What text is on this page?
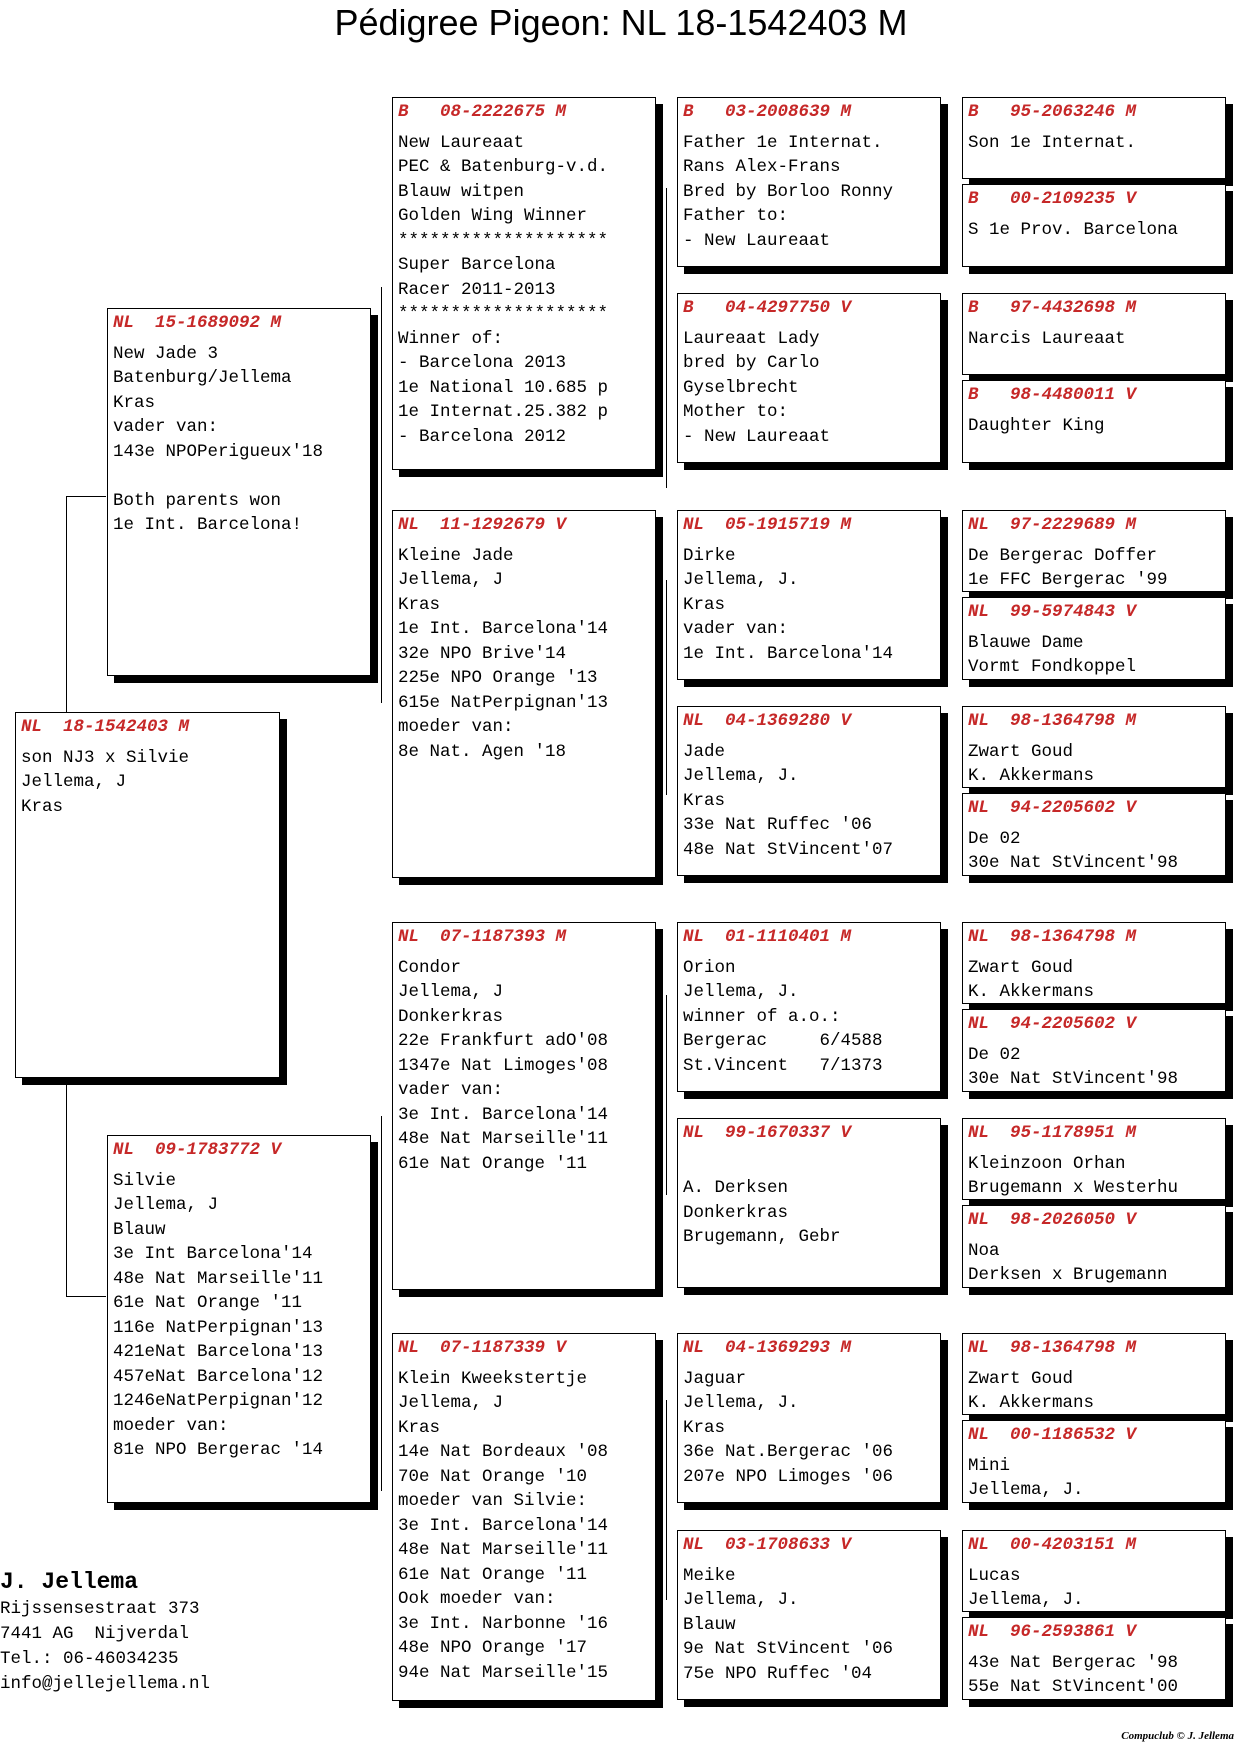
Pédigree Pigeon: NL 18-1542403 M
NL  18-1542403 M
son NJ3 x Silvie
Jellema, J
Kras
NL  15-1689092 M
New Jade 3
Batenburg/Jellema
Kras
vader van:
143e NPOPerigueux'18
Both parents won
1e Int. Barcelona!
NL  09-1783772 V
Silvie
Jellema, J
Blauw
3e Int Barcelona'14
48e Nat Marseille'11
61e Nat Orange '11
116e NatPerpignan'13
421eNat Barcelona'13
457eNat Barcelona'12
1246eNatPerpignan'12
moeder van:
81e NPO Bergerac '14
B   08-2222675 M
New Laureaat
PEC & Batenburg-v.d.
Blauw witpen
Golden Wing Winner
********************
Super Barcelona
Racer 2011-2013
********************
Winner of:
- Barcelona 2013
1e National 10.685 p
1e Internat.25.382 p
- Barcelona 2012
NL  11-1292679 V
Kleine Jade
Jellema, J
Kras
1e Int. Barcelona'14
32e NPO Brive'14
225e NPO Orange '13
615e NatPerpignan'13
moeder van:
8e Nat. Agen '18
NL  07-1187393 M
Condor
Jellema, J
Donkerkras
22e Frankfurt adO'08
1347e Nat Limoges'08
vader van:
3e Int. Barcelona'14
48e Nat Marseille'11
61e Nat Orange '11
NL  07-1187339 V
Klein Kweekstertje
Jellema, J
Kras
14e Nat Bordeaux '08
70e Nat Orange '10
moeder van Silvie:
3e Int. Barcelona'14
48e Nat Marseille'11
61e Nat Orange '11
Ook moeder van:
3e Int. Narbonne '16
48e NPO Orange '17
94e Nat Marseille'15
B   03-2008639 M
Father 1e Internat.
Rans Alex-Frans
Bred by Borloo Ronny
Father to:
- New Laureaat
B   04-4297750 V
Laureaat Lady
bred by Carlo
Gyselbrecht
Mother to:
- New Laureaat
NL  05-1915719 M
Dirke
Jellema, J.
Kras
vader van:
1e Int. Barcelona'14
NL  04-1369280 V
Jade
Jellema, J.
Kras
33e Nat Ruffec '06
48e Nat StVincent'07
NL  01-1110401 M
Orion
Jellema, J.
winner of a.o.:
Bergerac     6/4588
St.Vincent   7/1373
NL  99-1670337 V
A. Derksen
Donkerkras
Brugemann, Gebr
NL  04-1369293 M
Jaguar
Jellema, J.
Kras
36e Nat.Bergerac '06
207e NPO Limoges '06
NL  03-1708633 V
Meike
Jellema, J.
Blauw
9e Nat StVincent '06
75e NPO Ruffec '04
B   95-2063246 M
Son 1e Internat.
B   00-2109235 V
S 1e Prov. Barcelona
B   97-4432698 M
Narcis Laureaat
B   98-4480011 V
Daughter King
NL  97-2229689 M
De Bergerac Doffer
1e FFC Bergerac '99
NL  99-5974843 V
Blauwe Dame
Vormt Fondkoppel
NL  98-1364798 M
Zwart Goud
K. Akkermans
NL  94-2205602 V
De 02
30e Nat StVincent'98
NL  98-1364798 M
Zwart Goud
K. Akkermans
NL  94-2205602 V
De 02
30e Nat StVincent'98
NL  95-1178951 M
Kleinzoon Orhan
Brugemann x Westerhu
NL  98-2026050 V
Noa
Derksen x Brugemann
NL  98-1364798 M
Zwart Goud
K. Akkermans
NL  00-1186532 V
Mini
Jellema, J.
NL  00-4203151 M
Lucas
Jellema, J.
NL  96-2593861 V
43e Nat Bergerac '98
55e Nat StVincent'00
J. Jellema
Rijssensestraat 373
7441 AG  Nijverdal
Tel.: 06-46034235
info@jellejellema.nl
Compuclub © J. Jellema
